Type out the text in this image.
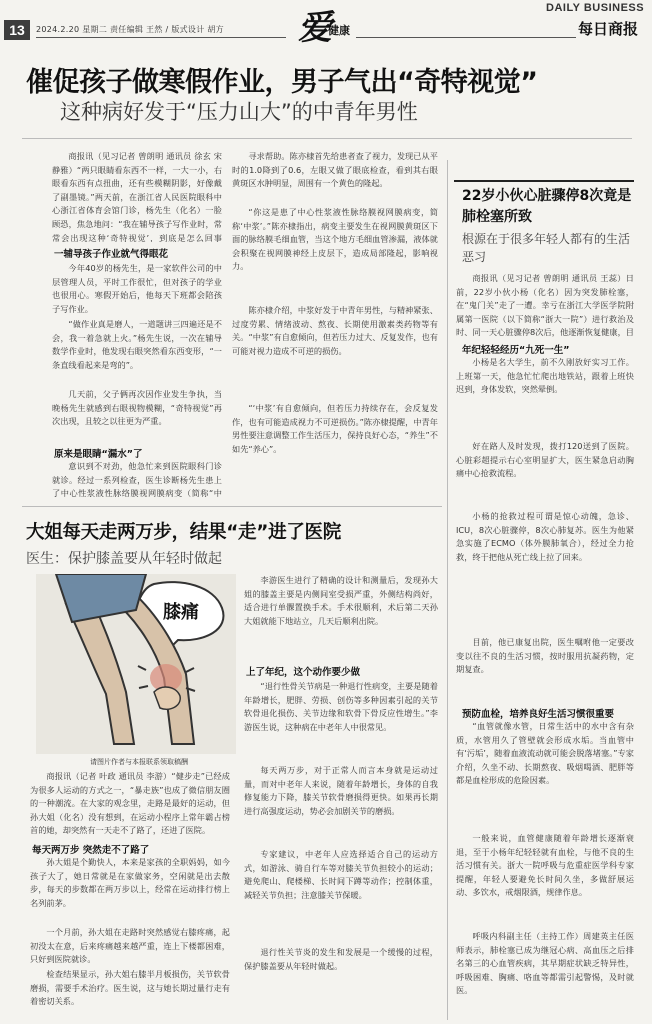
13	2024.2.20 星期二 责任编辑 王然 / 版式设计 胡方 爱
健康
DAILY BUSINESS
每日商报
催促孩子做寒假作业，男子气出“奇特视觉”
这种病好发于“压力山大”的中青年男性

商报讯（见习记者 曾朗明 通讯员 徐玄 宋静雅）“两只眼睛看东西不一样，一大一小，右眼看东西有点扭曲，还有些模糊阴影，好像戴了副墨镜。”两天前，在浙江省人民医院眼科中心浙江省体育会馆门诊，杨先生（化名）一脸顾恐，焦急地问：“我在辅导孩子写作业时，常常会出现这种‘奇特视觉’，到底是怎么回事

一辅导孩子作业就气得眼花

今年40岁的杨先生，是一家软件公司的中层管理人员，平时工作很忙，但对孩子的学业也很用心。寒假开始后，他每天下班都会陪孩子写作业。

“做作业真是磨人，一道题讲三四遍还是不会，我一着急就上火。”杨先生说，一次在辅导数学作业时，他发现右眼突然看东西变形，“一条直线看起来是弯的”。

几天前，父子俩再次因作业发生争执，当晚杨先生就感到右眼视物模糊，“奇特视觉”再次出现，且较之以往更为严重。

原来是眼睛“漏水”了

意识到不对劲，他急忙来到医院眼科门诊就诊。经过一系列检查，医生诊断杨先生患上了中心性浆液性脉络膜视网膜病变（简称“中

寻求帮助。陈亦棣首先给患者查了视力，发现已从平时的1.0降到了0.6，左眼又做了眼底检查，看到其右眼黄斑区水肿明显，周围有一个黄色的隆起。

“你这是患了中心性浆液性脉络膜视网膜病变，简称‘中浆’。”陈亦棣指出，病变主要发生在视网膜黄斑区下面的脉络膜毛细血管，当这个地方毛细血管渗漏，液体就会积聚在视网膜神经上皮层下，造成局部隆起，影响视力。

陈亦棣介绍，中浆好发于中青年男性，与精神紧张、过度劳累、情绪波动、熬夜、长期使用激素类药物等有关。“中浆”有自愈倾向，但若压力过大、反复发作，也有可能对视力造成不可逆的损伤。

“‘中浆’有自愈倾向，但若压力持续存在，会反复发作，也有可能造成视力不可逆损伤。”陈亦棣提醒，中青年男性要注意调整工作生活压力，保持良好心态，“养生”不如先“养心”。

22岁小伙心脏骤停8次竟是肺栓塞所致
根源在于很多年轻人都有的生活恶习

商报讯（见习记者 曾朗明 通讯员 王蕊）日前，22岁小伙小杨（化名）因为突发肺栓塞，在“鬼门关”走了一遭。幸亏在浙江大学医学院附属第一医院（以下简称“浙大一院”）进行救治及时、同一天心脏骤停8次后，他逐渐恢复健康，目

年纪轻轻经历“九死一生”

小杨是名大学生，前不久刚放好实习工作。上班第一天，他急忙忙爬出地铁站，跟着上班快迟到，身体发软，突然晕倒。

好在路人及时发现，拨打120送到了医院。心脏彩超提示右心室明显扩大，医生紧急启动胸痛中心抢救流程。

小杨的抢救过程可谓是惊心动魄，急诊、ICU，8次心脏骤停，8次心肺复苏。医生为他紧急实施了ECMO（体外膜肺氧合），经过全力抢救，终于把他从死亡线上拉了回来。

目前，他已康复出院，医生嘱咐他一定要改变以往不良的生活习惯，按时服用抗凝药物，定期复查。

预防血栓，培养良好生活习惯很重要

“血管就像水管，日常生活中的水中含有杂质，水管用久了管壁就会形成水垢。当血管中有‘污垢’，随着血液流动就可能会脱落堵塞。”专家介绍，久坐不动、长期熬夜、吸烟喝酒、肥胖等都是血栓形成的危险因素。

一般来说，血管健康随着年龄增长逐渐衰退，至于小杨年纪轻轻就有血栓，与他不良的生活习惯有关。浙大一院呼吸与危重症医学科专家提醒，年轻人要避免长时间久坐，多做舒展运动、多饮水，戒烟限酒，规律作息。

呼吸内科副主任（主持工作）周建英主任医师表示，肺栓塞已成为继冠心病、高血压之后排名第三的心血管疾病，其早期症状缺乏特异性，呼吸困难、胸痛、咯血等都需引起警惕，及时就医。

大姐每天走两万步，结果“走”进了医院
医生：保护膝盖要从年轻时做起
膝痛
请图片作者与本报联系领取稿酬

商报讯（记者 叶政 通讯员 李游）“健步走”已经成为很多人运动的方式之一，“暴走族”也成了微信朋友圈的一种潮流。在大家的观念里，走路是最好的运动，但孙大姐（化名）没有想到，在运动小程序上常年霸占榜首的她，却突然有一天走不了路了，还进了医院。

每天两万步 突然走不了路了

孙大姐是个勤快人，本来是家孩的全职妈妈，如今孩子大了，她日常就是在家做家务，空闲就是出去散步，每天的步数都在两万步以上，经常在运动排行榜上名列前茅。

一个月前，孙大姐在走路时突然感觉右膝疼痛，起初没太在意，后来疼痛越来越严重，连上下楼都困难，只好到医院就诊。

检查结果显示，孙大姐右膝半月板损伤，关节软骨磨损，需要手术治疗。医生说，这与她长期过量行走有着密切关系。

李游医生进行了精确的设计和测量后，发现孙大姐的膝盖主要是内侧间室受损严重，外侧结构尚好，适合进行单髁置换手术。手术很顺利，术后第二天孙大姐就能下地站立，几天后顺利出院。

上了年纪，这个动作要少做

“退行性骨关节病是一种退行性病变，主要是随着年龄增长，肥胖、劳损、创伤等多种因素引起的关节软骨退化损伤、关节边缘和软骨下骨反应性增生。”李游医生说，这种病在中老年人中很常见。

每天两万步，对于正常人而言本身就是运动过量，而对中老年人来说，随着年龄增长，身体的自我修复能力下降，膝关节软骨磨损得更快。如果再长期进行高强度运动，势必会加剧关节的磨损。

专家建议，中老年人应选择适合自己的运动方式，如游泳、骑自行车等对膝关节负担较小的运动；避免爬山、爬楼梯、长时间下蹲等动作；控制体重，减轻关节负担；注意膝关节保暖。

退行性关节炎的发生和发展是一个缓慢的过程，保护膝盖要从年轻时做起。
